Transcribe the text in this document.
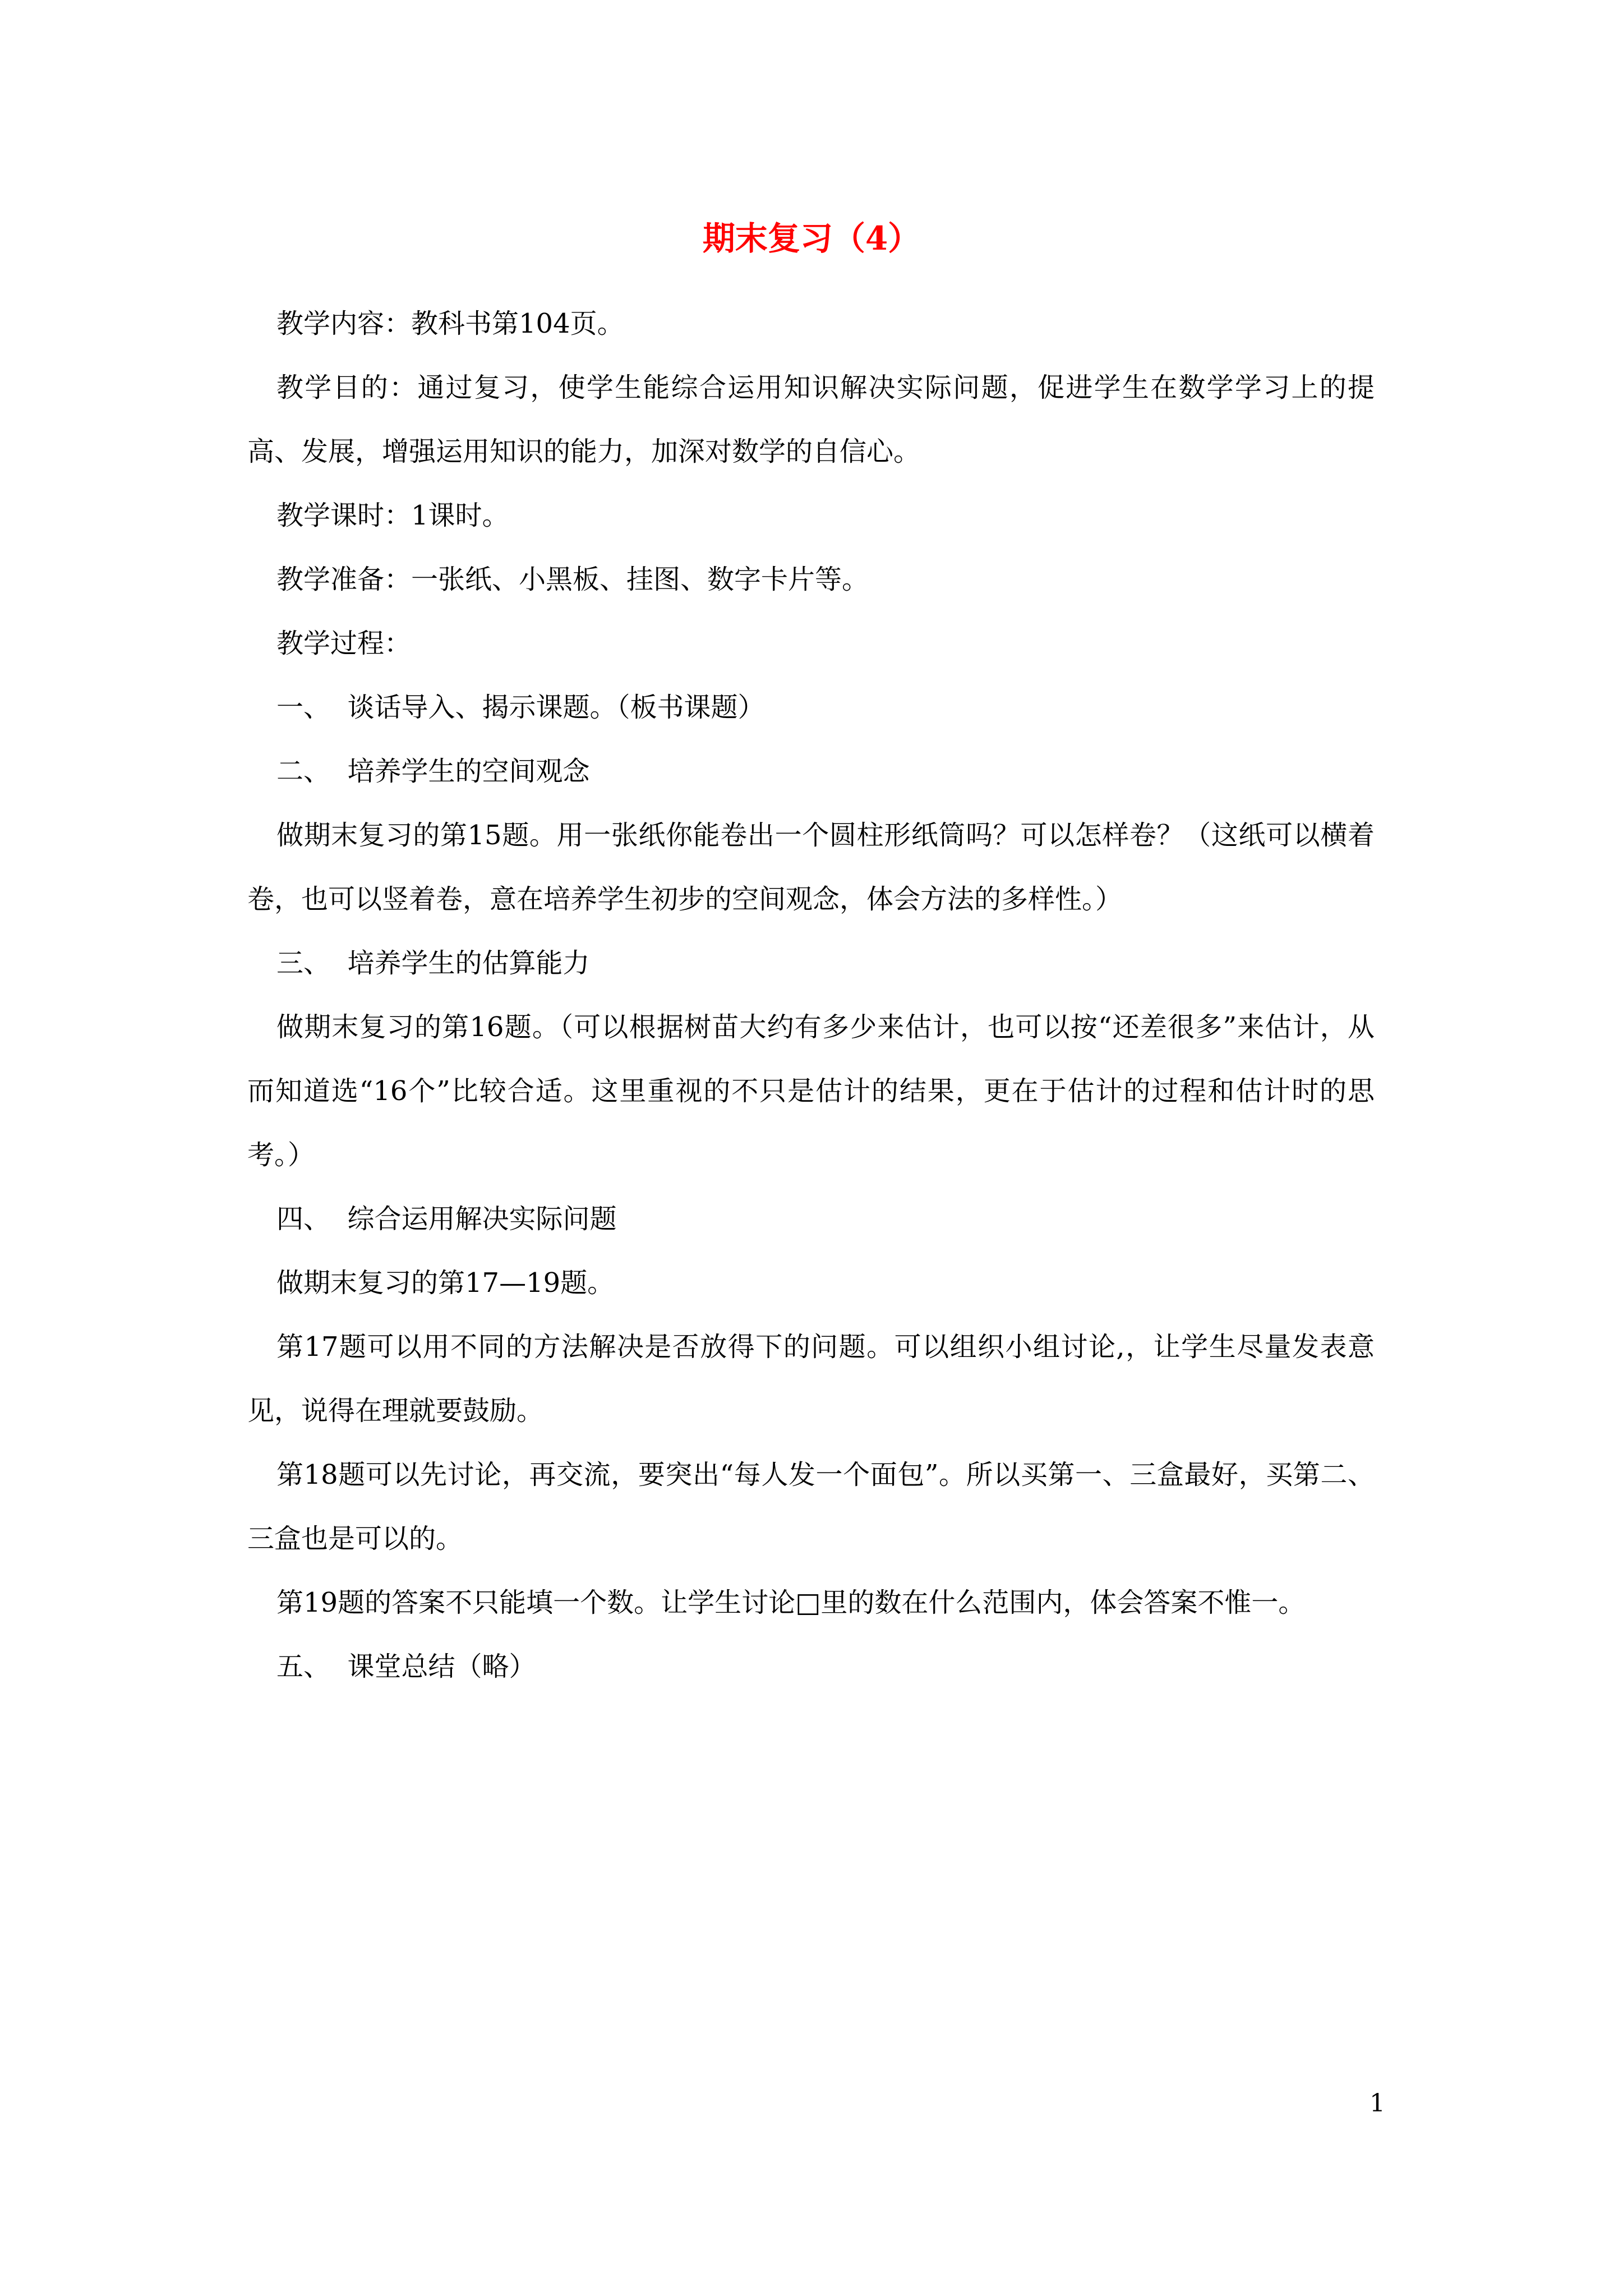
期末复习（4）

教学内容：教科书第104页。

教学目的：通过复习，使学生能综合运用知识解决实际问题，促进学生在数学学习上的提高、发展，增强运用知识的能力，加深对数学的自信心。

教学课时：1课时。

教学准备：一张纸、小黑板、挂图、数字卡片等。

教学过程：

一、  谈话导入、揭示课题。（板书课题）

二、  培养学生的空间观念

做期末复习的第15题。用一张纸你能卷出一个圆柱形纸筒吗？可以怎样卷？（这纸可以横着卷，也可以竖着卷，意在培养学生初步的空间观念，体会方法的多样性。）

三、  培养学生的估算能力

做期末复习的第16题。（可以根据树苗大约有多少来估计，也可以按“还差很多”来估计，从而知道选“16个”比较合适。这里重视的不只是估计的结果，更在于估计的过程和估计时的思考。）

四、  综合运用解决实际问题

做期末复习的第17—19题。

第17题可以用不同的方法解决是否放得下的问题。可以组织小组讨论,，让学生尽量发表意见，说得在理就要鼓励。

第18题可以先讨论，再交流，要突出“每人发一个面包”。所以买第一、三盒最好，买第二、三盒也是可以的。

第19题的答案不只能填一个数。让学生讨论□里的数在什么范围内，体会答案不惟一。

五、  课堂总结（略）

1
